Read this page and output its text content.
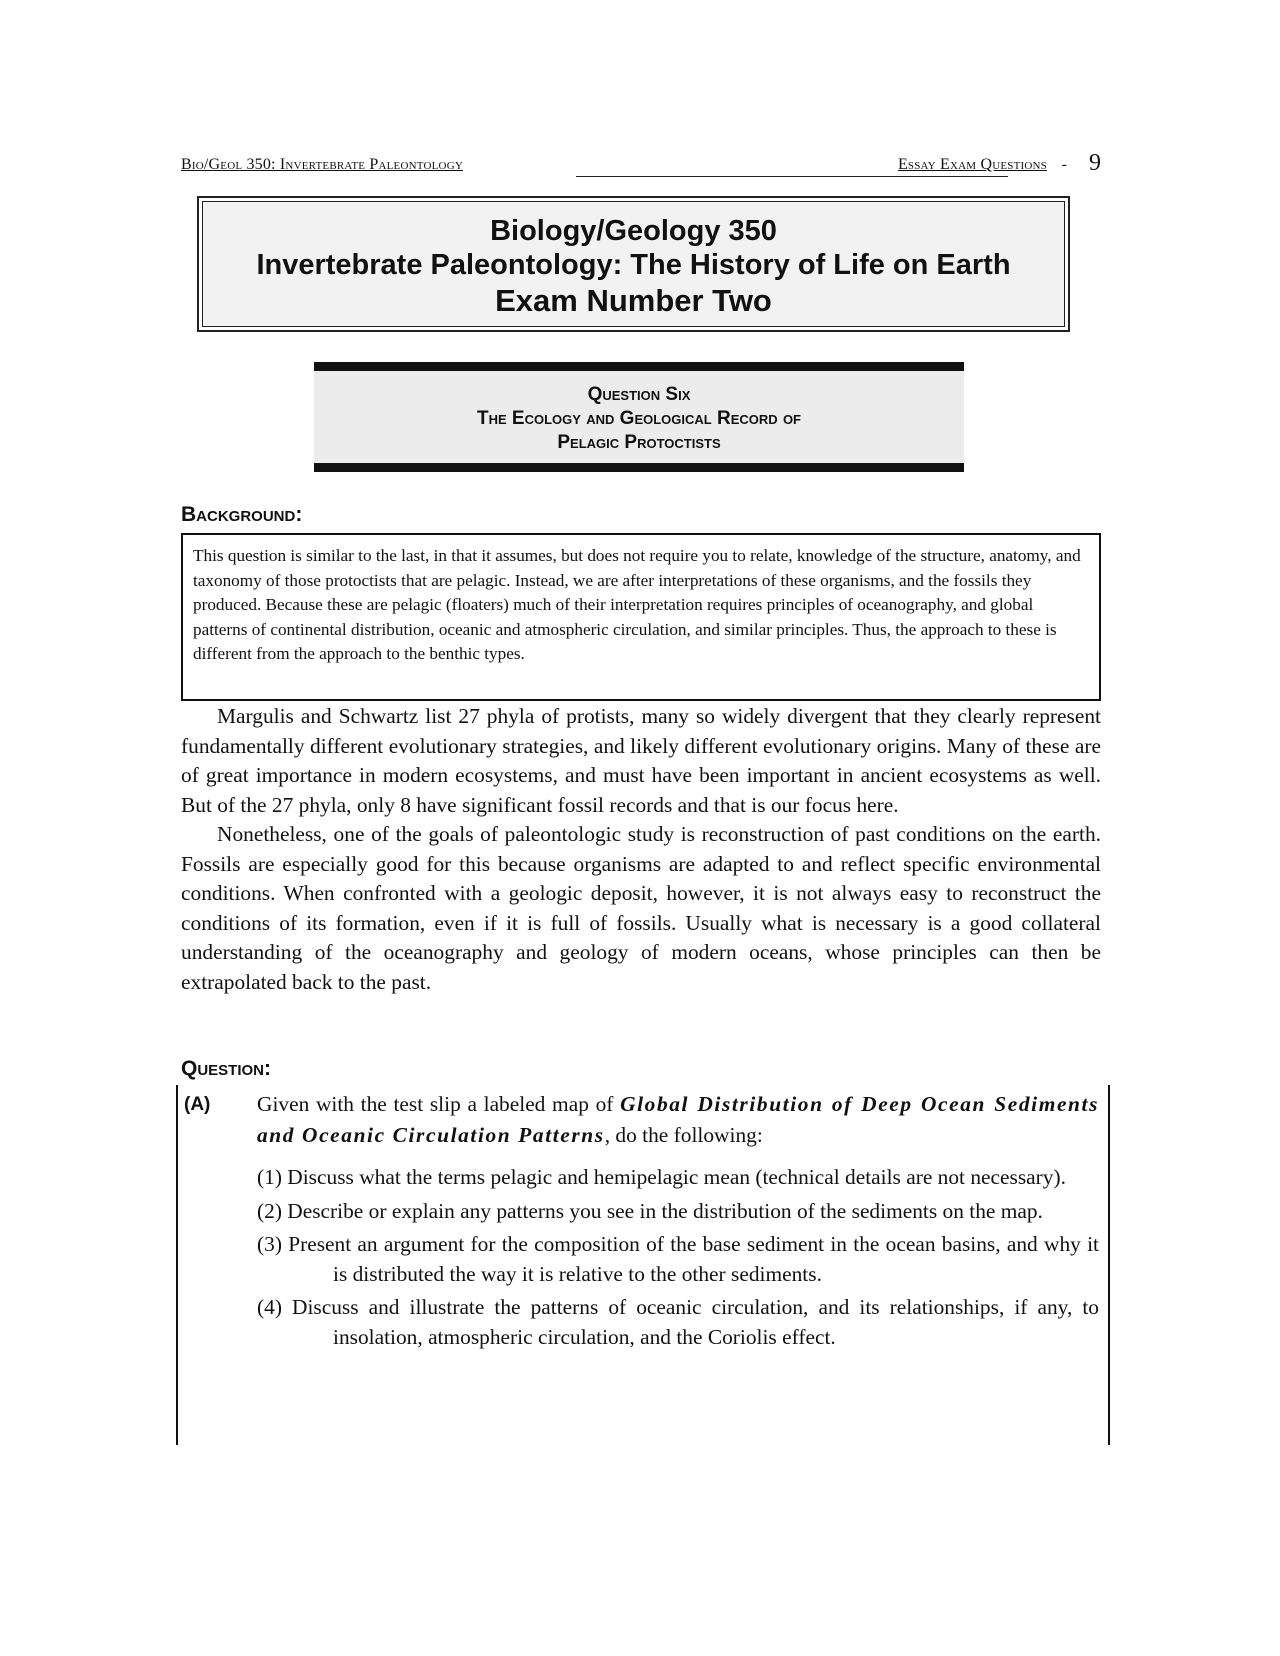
Bio/Geol 350: Invertebrate Paleontology	Essay Exam Questions - 9
Biology/Geology 350
Invertebrate Paleontology: The History of Life on Earth
Exam Number Two
Question Six
The Ecology and Geological Record of
Pelagic Protoctists
Background:
This question is similar to the last, in that it assumes, but does not require you to relate, knowledge of the structure, anatomy, and taxonomy of those protoctists that are pelagic. Instead, we are after interpretations of these organisms, and the fossils they produced. Because these are pelagic (floaters) much of their interpretation requires principles of oceanography, and global patterns of continental distribution, oceanic and atmospheric circulation, and similar principles. Thus, the approach to these is different from the approach to the benthic types.

Margulis and Schwartz list 27 phyla of protists, many so widely divergent that they clearly represent fundamentally different evolutionary strategies, and likely different evolutionary origins. Many of these are of great importance in modern ecosystems, and must have been important in ancient ecosystems as well. But of the 27 phyla, only 8 have significant fossil records and that is our focus here.

Nonetheless, one of the goals of paleontologic study is reconstruction of past conditions on the earth. Fossils are especially good for this because organisms are adapted to and reflect specific environmental conditions. When confronted with a geologic deposit, however, it is not always easy to reconstruct the conditions of its formation, even if it is full of fossils. Usually what is necessary is a good collateral understanding of the oceanography and geology of modern oceans, whose principles can then be extrapolated back to the past.

Question:
(A) Given with the test slip a labeled map of Global Distribution of Deep Ocean Sediments and Oceanic Circulation Patterns, do the following:
(1) Discuss what the terms pelagic and hemipelagic mean (technical details are not necessary).
(2) Describe or explain any patterns you see in the distribution of the sediments on the map.
(3) Present an argument for the composition of the base sediment in the ocean basins, and why it is distributed the way it is relative to the other sediments.
(4) Discuss and illustrate the patterns of oceanic circulation, and its relationships, if any, to insolation, atmospheric circulation, and the Coriolis effect.
